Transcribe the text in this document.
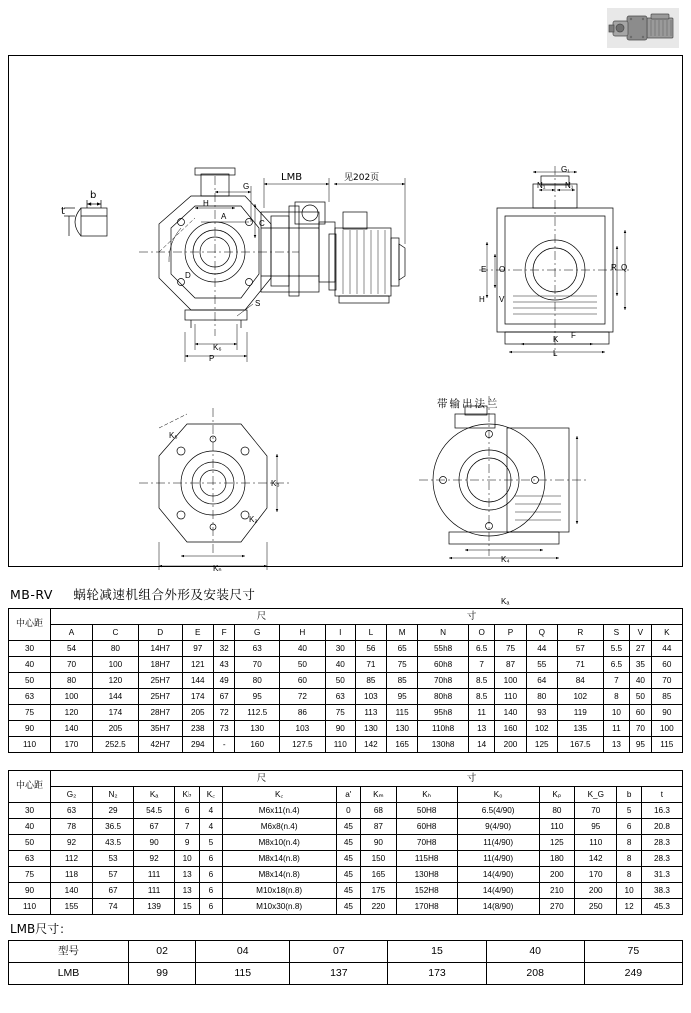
b
t
LMB	见202页
带输出法兰
G
H
A
C
D
P
K₆
S
Kₙ
K₂
K₃
K₅
G₁
N₁ N₁
E O
H V
Q
R
L
K F
K₄
Kₐ
MB-RV 蜗轮减速机组合外形及安装尺寸
中心距	尺　　　　　　　　　　　寸																	
	A	C	D	E	F	G	H	I	L	M	N	O	P	Q	R	S	V	K
30	54	80	14H7	97	32	63	40	30	56	65	55h8	6.5	75	44	57	5.5	27	44
40	70	100	18H7	121	43	70	50	40	71	75	60h8	7	87	55	71	6.5	35	60
50	80	120	25H7	144	49	80	60	50	85	85	70h8	8.5	100	64	84	7	40	70
63	100	144	25H7	174	67	95	72	63	103	95	80h8	8.5	110	80	102	8	50	85
75	120	174	28H7	205	72	112.5	86	75	113	115	95h8	11	140	93	119	10	60	90
90	140	205	35H7	238	73	130	103	90	130	130	110h8	13	160	102	135	11	70	100
110	170	252.5	42H7	294	-	160	127.5	110	142	165	130h8	14	200	125	167.5	13	95	115
中心距	尺　　　　　　　　　　　寸													
	G₂	N₂	Kₐ	K♭	K꜀	K꜀	a'	Kₘ	Kₕ	K₀	Kₚ	K_G	b	t
30	63	29	54.5	6	4	M6x11(n.4)	0	68	50H8	6.5(4/90)	80	70	5	16.3
40	78	36.5	67	7	4	M6x8(n.4)	45	87	60H8	9(4/90)	110	95	6	20.8
50	92	43.5	90	9	5	M8x10(n.4)	45	90	70H8	11(4/90)	125	110	8	28.3
63	112	53	92	10	6	M8x14(n.8)	45	150	115H8	11(4/90)	180	142	8	28.3
75	118	57	111	13	6	M8x14(n.8)	45	165	130H8	14(4/90)	200	170	8	31.3
90	140	67	111	13	6	M10x18(n.8)	45	175	152H8	14(4/90)	210	200	10	38.3
110	155	74	139	15	6	M10x30(n.8)	45	220	170H8	14(8/90)	270	250	12	45.3
LMB尺寸：
型号	02	04	07	15	40	75
LMB	99	115	137	173	208	249
